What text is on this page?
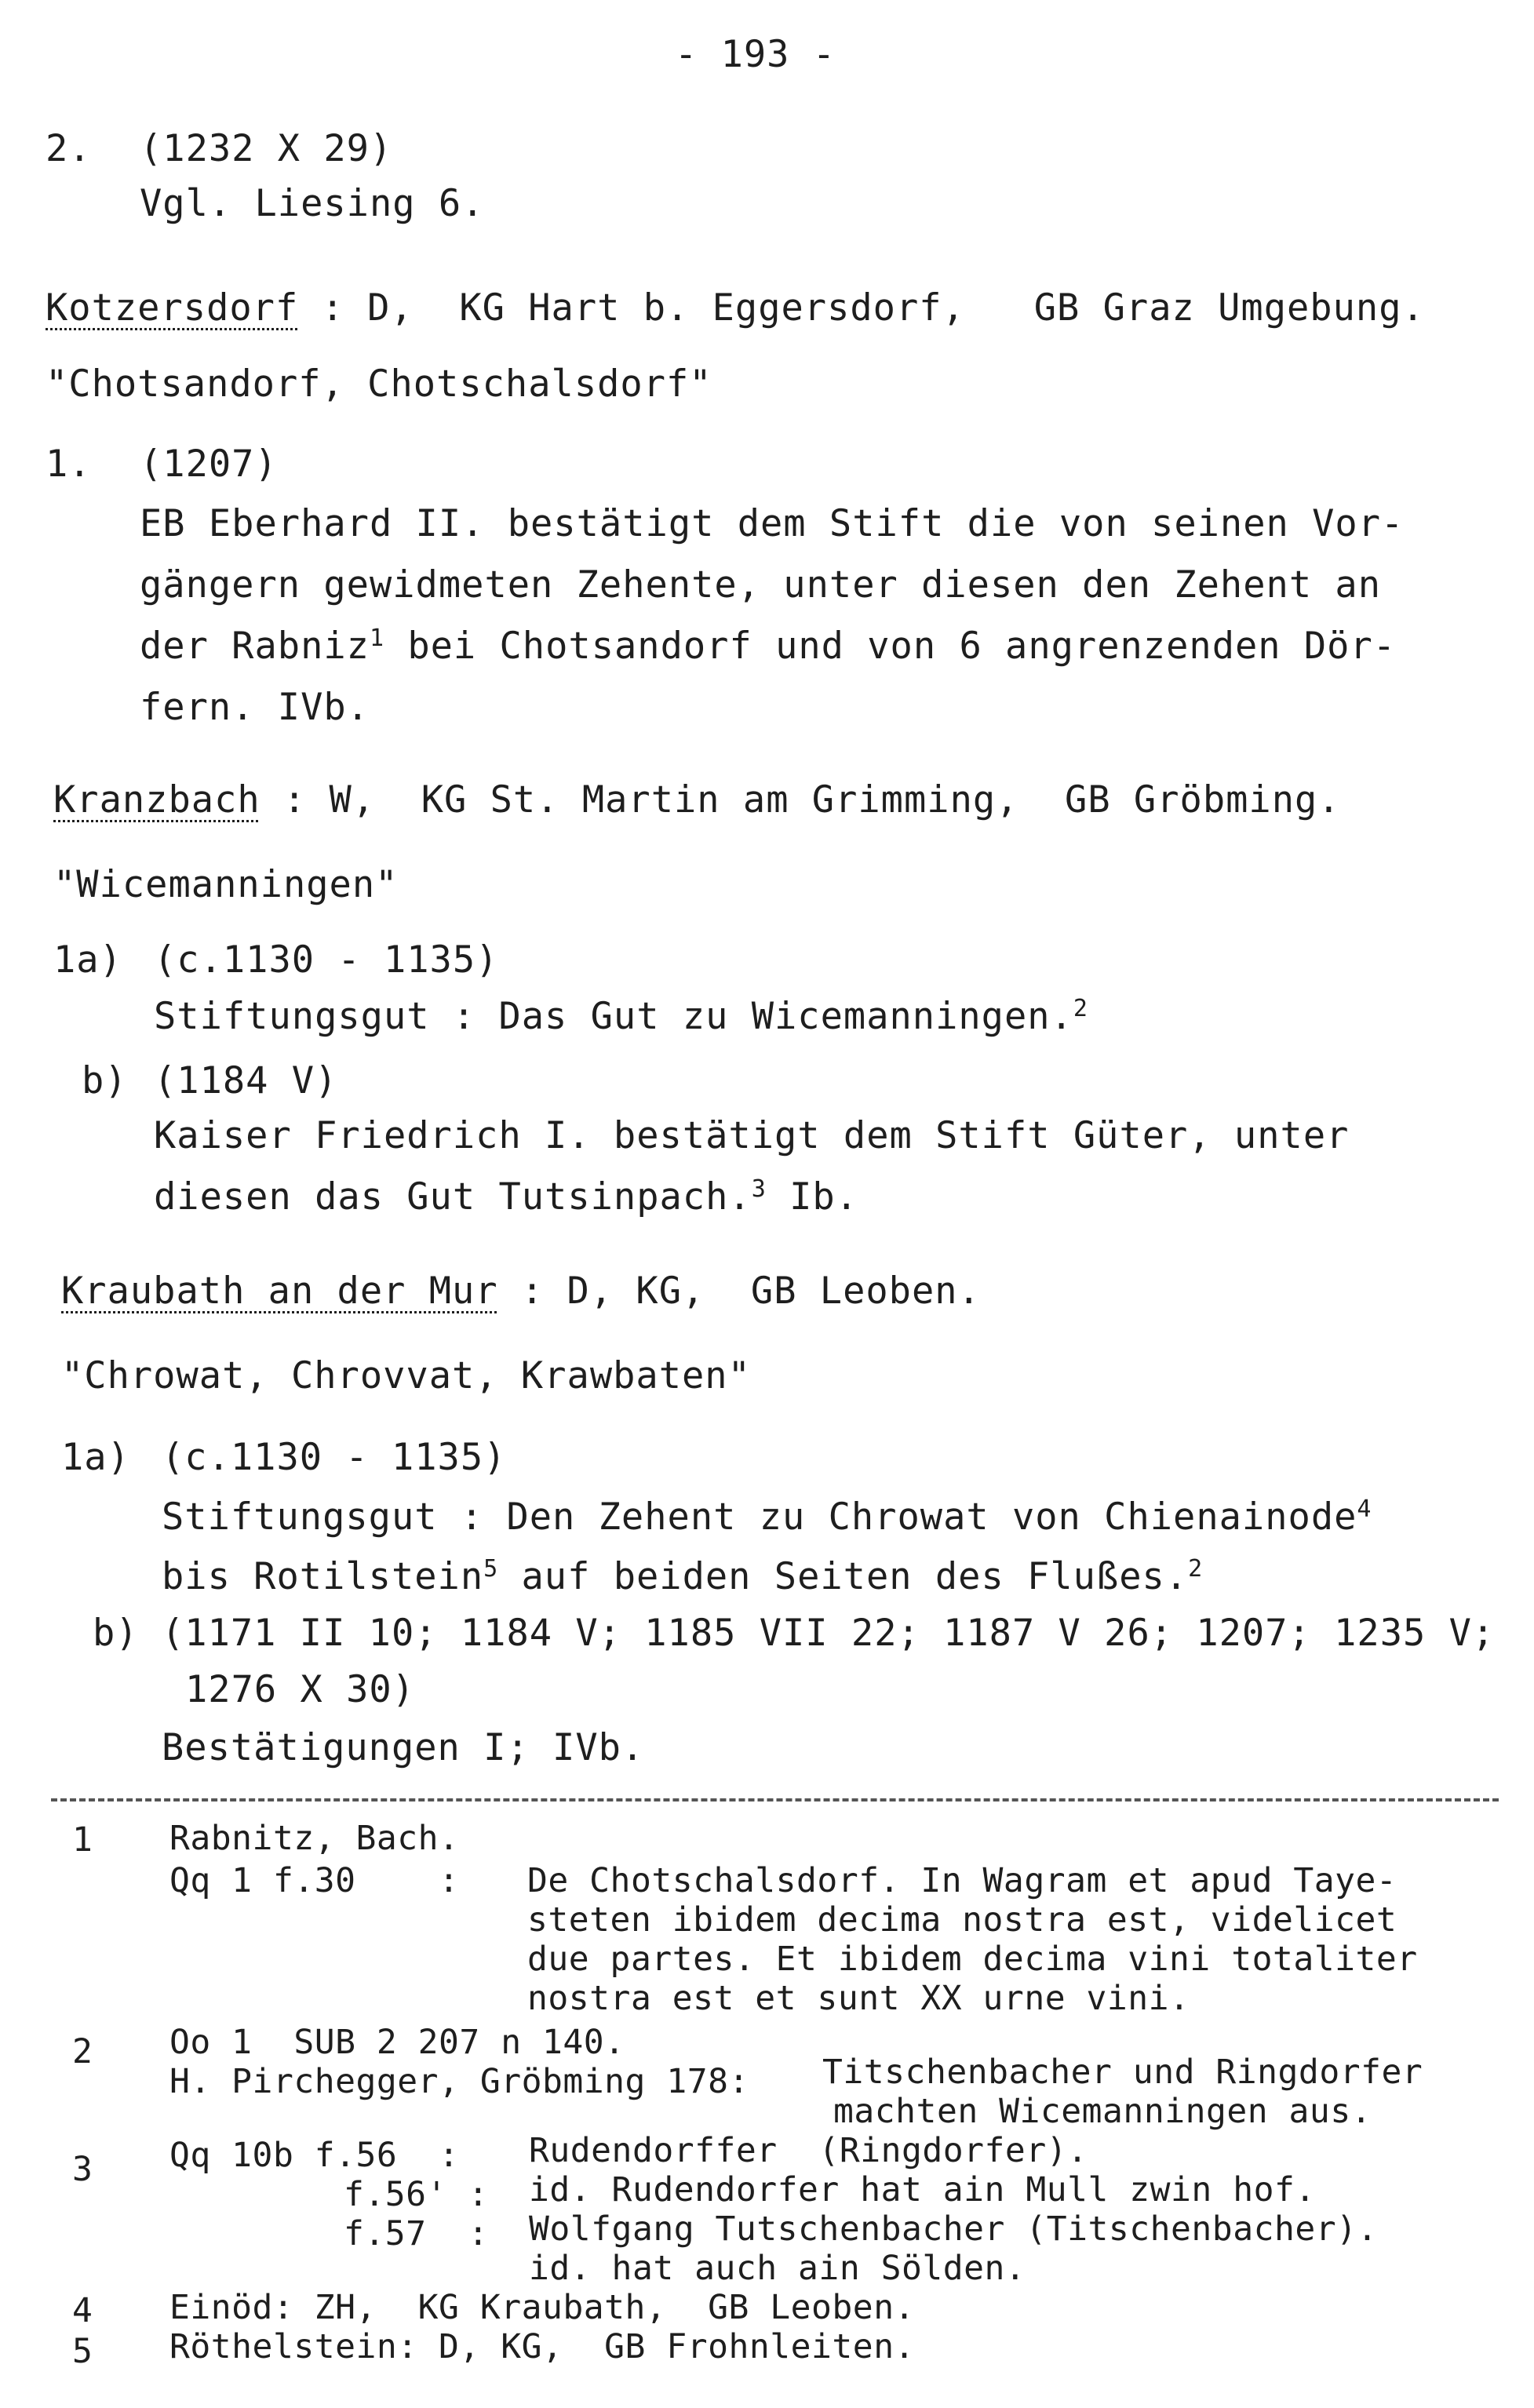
- 193 -
2. (1232 X 29)
Vgl. Liesing 6.
Kotzersdorf : D,  KG Hart b. Eggersdorf,   GB Graz Umgebung.
"Chotsandorf, Chotschalsdorf"
1. (1207)
EB Eberhard II. bestätigt dem Stift die von seinen Vor-
gängern gewidmeten Zehente, unter diesen den Zehent an
der Rabniz$^1$ bei Chotsandorf und von 6 angrenzenden Dör-
fern. IVb.
Kranzbach : W,  KG St. Martin am Grimming,  GB Gröbming.
"Wicemanningen"
1a) (c.1130 - 1135)
Stiftungsgut : Das Gut zu Wicemanningen.$^2$
b) (1184 V)
Kaiser Friedrich I. bestätigt dem Stift Güter, unter
diesen das Gut Tutsinpach.$^3$ Ib.
Kraubath an der Mur : D, KG,  GB Leoben.
"Chrowat, Chrovvat, Krawbaten"
1a) (c.1130 - 1135)
Stiftungsgut : Den Zehent zu Chrowat von Chienainode$^4$
bis Rotilstein$^5$ auf beiden Seiten des Flußes.$^2$
b) (1171 II 10; 1184 V; 1185 VII 22; 1187 V 26; 1207; 1235 V;
1276 X 30)
Bestätigungen I; IVb.
1 Rabnitz, Bach.
Qq 1 f.30    : De Chotschalsdorf. In Wagram et apud Taye-
steten ibidem decima nostra est, videlicet
due partes. Et ibidem decima vini totaliter
nostra est et sunt XX urne vini.
2 Oo 1  SUB 2 207 n 140.
H. Pirchegger, Gröbming 178: Titschenbacher und Ringdorfer
machten Wicemanningen aus.
3 Qq 10b f.56  : Rudendorffer  (Ringdorfer).
f.56' : id. Rudendorfer hat ain Mull zwin hof.
f.57  : Wolfgang Tutschenbacher (Titschenbacher).
id. hat auch ain Sölden.
4 Einöd: ZH,  KG Kraubath,  GB Leoben.
5 Röthelstein: D, KG,  GB Frohnleiten.
